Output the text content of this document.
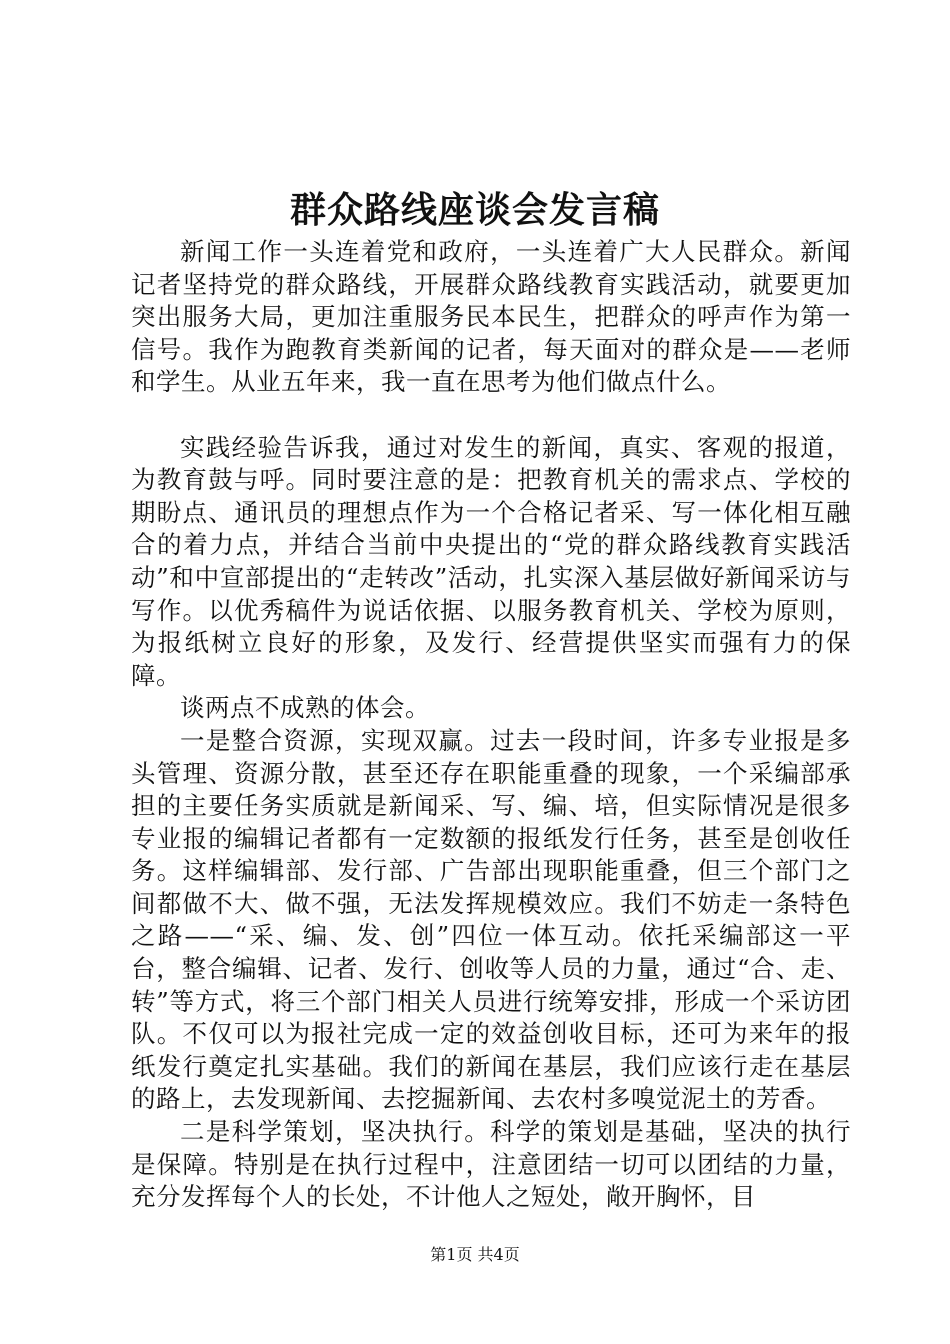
群众路线座谈会发言稿

新闻工作一头连着党和政府，一头连着广大人民群众。新闻记者坚持党的群众路线，开展群众路线教育实践活动，就要更加突出服务大局，更加注重服务民本民生，把群众的呼声作为第一信号。我作为跑教育类新闻的记者，每天面对的群众是——老师和学生。从业五年来，我一直在思考为他们做点什么。

实践经验告诉我，通过对发生的新闻，真实、客观的报道，为教育鼓与呼。同时要注意的是：把教育机关的需求点、学校的期盼点、通讯员的理想点作为一个合格记者采、写一体化相互融合的着力点，并结合当前中央提出的“党的群众路线教育实践活动”和中宣部提出的“走转改”活动，扎实深入基层做好新闻采访与写作。以优秀稿件为说话依据、以服务教育机关、学校为原则，为报纸树立良好的形象，及发行、经营提供坚实而强有力的保障。

谈两点不成熟的体会。

一是整合资源，实现双赢。过去一段时间，许多专业报是多头管理、资源分散，甚至还存在职能重叠的现象，一个采编部承担的主要任务实质就是新闻采、写、编、培，但实际情况是很多专业报的编辑记者都有一定数额的报纸发行任务，甚至是创收任务。这样编辑部、发行部、广告部出现职能重叠，但三个部门之间都做不大、做不强，无法发挥规模效应。我们不妨走一条特色之路——“采、编、发、创”四位一体互动。依托采编部这一平台，整合编辑、记者、发行、创收等人员的力量，通过“合、走、转”等方式，将三个部门相关人员进行统筹安排，形成一个采访团队。不仅可以为报社完成一定的效益创收目标，还可为来年的报纸发行奠定扎实基础。我们的新闻在基层，我们应该行走在基层的路上，去发现新闻、去挖掘新闻、去农村多嗅觉泥土的芳香。

二是科学策划，坚决执行。科学的策划是基础，坚决的执行是保障。特别是在执行过程中，注意团结一切可以团结的力量，充分发挥每个人的长处，不计他人之短处，敞开胸怀，目

第1页 共4页
